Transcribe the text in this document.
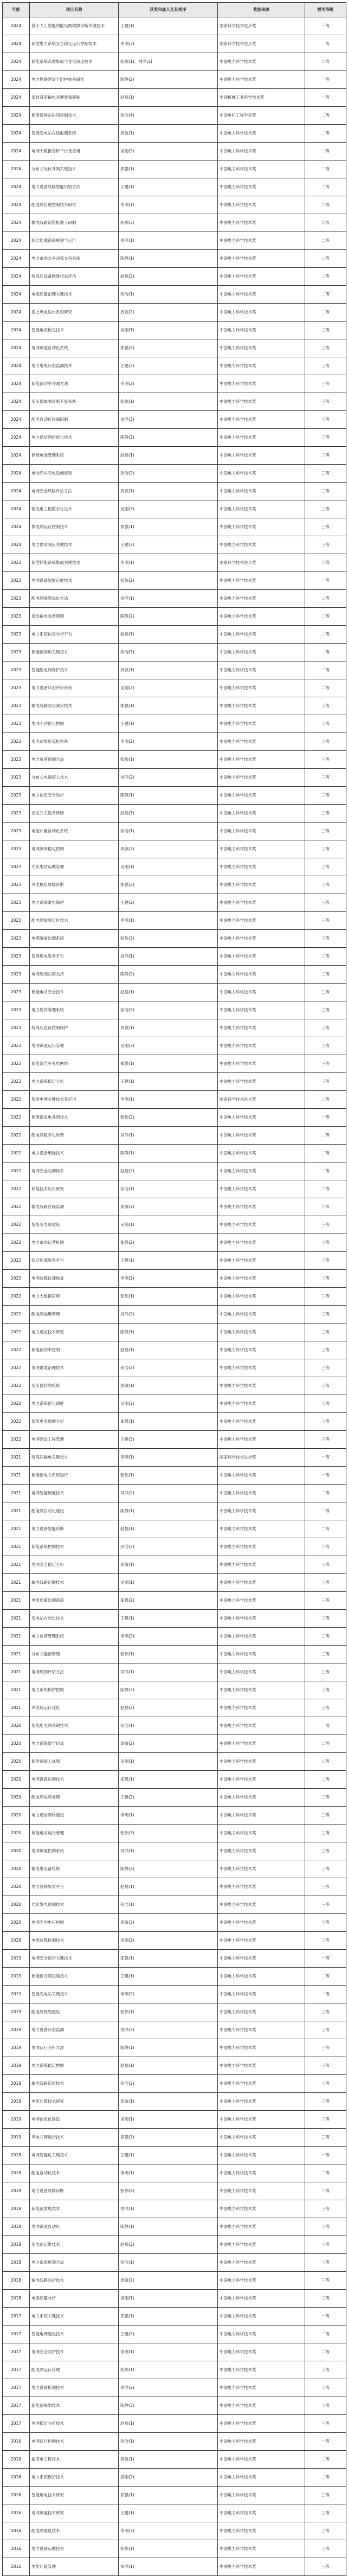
年度	项目名称	获奖完成人及其排序	奖励来源	授奖等级
2024	基于人工智能的配电网故障诊断关键技术	王建(1)	国家科学技术进步奖	一等
2024	新型电力系统安全稳定运行控制技术	李明(3)	国家科学技术进步奖	一等
2024	储能系统高效集成与优化调度技术	张伟(1)、刘洋(2)	中国电力科学技术奖	二等
2024	电力物联网安全防护体系研究	陈静(2)	中国电力科学技术奖	一等
2024	柔性直流输电关键装备研制	赵磊(1)	中国机械工业科学技术奖	一等
2024	新能源场站协同控制技术	孙浩(4)	中国电机工程学会奖	二等
2024	智能变电站在线监测系统	周敏(1)	中国电力科学技术奖	二等
2024	电网大数据分析平台及应用	吴刚(2)	中国电力科学技术奖	二等
2024	分布式光伏并网关键技术	郑强(1)	中国电力科学技术奖	二等
2024	电力设备故障智能识别方法	王建(1)	中国电力科学技术奖	二等
2024	配电网自愈控制技术研究	李明(1)	中国电力科学技术奖	二等
2024	输电线路巡检机器人研制	张伟(3)	中国电力科学技术奖	二等
2024	综合能源系统规划与运行	刘洋(1)	中国电力科学技术奖	二等
2024	电力市场交易决策支持系统	陈静(1)	中国电力科学技术奖	二等
2024	特高压设备绝缘状态评估	赵磊(2)	中国电力科学技术奖	二等
2024	电能质量治理关键技术	孙浩(1)	中国电力科学技术奖	二等
2024	海上风电送出系统研究	周敏(2)	中国电力科学技术奖	二等
2024	智能电表检定技术	吴刚(1)	中国电力科学技术奖	三等
2024	电网调度自动化系统	郑强(2)	中国电力科学技术奖	三等
2024	电力电缆状态监测技术	王建(2)	中国电力科学技术奖	三等
2024	新能源功率预测方法	李明(2)	中国电力科学技术奖	三等
2024	变压器故障诊断专家系统	张伟(1)	中国电力科学技术奖	三等
2024	配电自动化终端研制	刘洋(3)	中国电力科学技术奖	三等
2024	电力通信网络优化技术	陈静(3)	中国电力科学技术奖	三等
2024	储能电池管理系统	赵磊(1)	中国电力科学技术奖	三等
2024	电动汽车充电设施规划	孙浩(2)	中国电力科学技术奖	三等
2024	电网安全风险评估方法	周敏(1)	中国电力科学技术奖	三等
2024	输变电工程数字化设计	吴刚(3)	中国电力科学技术奖	三等
2024	微电网运行控制技术	郑强(1)	中国电力科学技术奖	三等
2024	电力需求响应关键技术	王建(3)	中国电力科学技术奖	三等
2023	新型储能系统集成关键技术	李明(1)	国家科学技术进步奖	二等
2023	电网设备智能运维技术	张伟(2)	中国电力科学技术奖	一等
2023	配电网规划优化方法	刘洋(1)	中国电力科学技术奖	二等
2023	柔性输电装备研制	陈静(2)	中国电力科学技术奖	二等
2023	电力系统仿真分析平台	赵磊(1)	中国电力科学技术奖	二等
2023	新能源消纳关键技术	孙浩(3)	中国电力科学技术奖	二等
2023	智能配电网保护技术	周敏(1)	中国电力科学技术奖	二等
2023	电力设备状态评价系统	吴刚(2)	中国电力科学技术奖	二等
2023	输电线路防灾减灾技术	郑强(1)	中国电力科学技术奖	三等
2023	电网无功优化控制	王建(1)	中国电力科学技术奖	三等
2023	变电站智能巡检系统	李明(2)	中国电力科学技术奖	三等
2023	电力负荷预测方法	张伟(1)	中国电力科学技术奖	三等
2023	分布式电源接入技术	刘洋(2)	中国电力科学技术奖	三等
2023	电力信息安全防护	陈静(1)	中国电力科学技术奖	三等
2023	高压开关设备研制	赵磊(3)	中国电力科学技术奖	三等
2023	电能计量自动化系统	孙浩(1)	中国电力科学技术奖	三等
2023	电网频率稳定控制	周敏(2)	中国电力科学技术奖	三等
2023	光伏电站运维管理	吴刚(1)	中国电力科学技术奖	三等
2023	风电机组故障诊断	郑强(3)	中国电力科学技术奖	三等
2023	电力系统继电保护	王建(2)	中国电力科学技术奖	三等
2023	配电网故障定位技术	李明(1)	中国电力科学技术奖	三等
2023	电缆隧道监测系统	张伟(3)	中国电力科学技术奖	三等
2023	智能用电服务平台	刘洋(1)	中国电力科学技术奖	三等
2023	电网规划决策支持	陈静(2)	中国电力科学技术奖	三等
2023	储能电站安全技术	赵磊(1)	中国电力科学技术奖	三等
2023	电力物资管理系统	孙浩(2)	中国电力科学技术奖	三等
2023	特高压直流控制保护	周敏(1)	中国电力科学技术奖	三等
2023	电网调度运行管理	吴刚(3)	中国电力科学技术奖	三等
2023	新能源汽车充电网络	郑强(1)	中国电力科学技术奖	三等
2023	电力系统稳定分析	王建(1)	中国电力科学技术奖	三等
2022	智能电网关键技术及应用	李明(1)	国家科学技术进步奖	二等
2022	新能源发电并网技术	张伟(2)	中国电力科学技术奖	一等
2022	配电网数字化转型	刘洋(1)	中国电力科学技术奖	二等
2022	电力设备绝缘技术	陈静(1)	中国电力科学技术奖	二等
2022	电网安全防御体系	赵磊(2)	中国电力科学技术奖	二等
2022	储能技术应用研究	孙浩(1)	中国电力科学技术奖	二等
2022	输电线路在线监测	周敏(3)	中国电力科学技术奖	二等
2022	智能变电站建设	吴刚(1)	中国电力科学技术奖	三等
2022	电力市场运营机制	郑强(2)	中国电力科学技术奖	三等
2022	综合能源服务平台	王建(1)	中国电力科学技术奖	三等
2022	电网故障快速恢复	李明(3)	中国电力科学技术奖	三等
2022	电力大数据应用	张伟(1)	中国电力科学技术奖	三等
2022	配电网运维管理	刘洋(2)	中国电力科学技术奖	三等
2022	电力通信技术研究	陈静(1)	中国电力科学技术奖	三等
2022	新能源功率控制	赵磊(1)	中国电力科学技术奖	三等
2022	电网谐波治理技术	孙浩(2)	中国电力科学技术奖	三等
2022	变压器状态检修	周敏(1)	中国电力科学技术奖	三等
2022	电力系统优化调度	吴刚(2)	中国电力科学技术奖	三等
2022	智能电表数据分析	郑强(1)	中国电力科学技术奖	三等
2022	电网建设工程管理	王建(3)	中国电力科学技术奖	三等
2021	特高压输电关键技术	李明(1)	国家科学技术进步奖	一等
2021	新能源电力系统运行	张伟(1)	中国电力科学技术奖	一等
2021	电网智能调度技术	刘洋(2)	中国电力科学技术奖	二等
2021	配电网自动化建设	陈静(1)	中国电力科学技术奖	二等
2021	电力设备智能诊断	赵磊(1)	中国电力科学技术奖	二等
2021	储能系统控制技术	孙浩(3)	中国电力科学技术奖	二等
2021	电网安全稳定分析	周敏(1)	中国电力科学技术奖	三等
2021	输电线路运维技术	吴刚(1)	中国电力科学技术奖	三等
2021	电能质量监测系统	郑强(2)	中国电力科学技术奖	三等
2021	变电站自动化技术	王建(1)	中国电力科学技术奖	三等
2021	电力负荷管理系统	李明(2)	中国电力科学技术奖	三等
2021	分布式能源管理	张伟(1)	中国电力科学技术奖	三等
2021	电网规划评估方法	刘洋(1)	中国电力科学技术奖	三等
2021	电力系统保护控制	陈静(3)	中国电力科学技术奖	三等
2021	风电场运行优化	赵磊(2)	中国电力科学技术奖	三等
2020	智能配电网关键技术	孙浩(1)	中国电力科学技术奖	一等
2020	电力系统数字仿真	周敏(2)	中国电力科学技术奖	二等
2020	新能源接入规划	吴刚(1)	中国电力科学技术奖	二等
2020	电网设备监测技术	郑强(1)	中国电力科学技术奖	二等
2020	配电网故障处理	王建(2)	中国电力科学技术奖	三等
2020	电力通信网络建设	李明(1)	中国电力科学技术奖	三等
2020	储能电站运行管理	张伟(3)	中国电力科学技术奖	三等
2020	电网调度控制系统	刘洋(1)	中国电力科学技术奖	三等
2020	输变电设备检修	陈静(2)	中国电力科学技术奖	三等
2020	电力营销服务平台	赵磊(1)	中国电力科学技术奖	三等
2020	光伏发电预测技术	孙浩(1)	中国电力科学技术奖	三等
2020	电网无功电压控制	周敏(3)	中国电力科学技术奖	三等
2020	电缆故障检测技术	吴刚(2)	中国电力科学技术奖	三等
2019	电网安全运行关键技术	郑强(1)	中国电力科学技术奖	一等
2019	新能源并网控制技术	王建(1)	中国电力科学技术奖	二等
2019	智能变电站关键技术	李明(2)	中国电力科学技术奖	二等
2019	配电网规划建设	张伟(1)	中国电力科学技术奖	三等
2019	电力设备状态监测	刘洋(3)	中国电力科学技术奖	三等
2019	电网运行分析方法	陈静(1)	中国电力科学技术奖	三等
2019	电力系统稳定控制	赵磊(1)	中国电力科学技术奖	三等
2019	输电线路巡检技术	孙浩(2)	中国电力科学技术奖	三等
2019	电能计量技术研究	周敏(1)	中国电力科学技术奖	三等
2019	电网信息化建设	吴刚(1)	中国电力科学技术奖	三等
2019	风电并网运行技术	郑强(3)	中国电力科学技术奖	三等
2018	电网智能化关键技术	王建(1)	中国电力科学技术奖	一等
2018	配电自动化技术	李明(1)	中国电力科学技术奖	二等
2018	电力设备故障诊断	张伟(2)	中国电力科学技术奖	二等
2018	新能源发电技术	刘洋(1)	中国电力科学技术奖	三等
2018	电网调度自动化	陈静(1)	中国电力科学技术奖	三等
2018	变电站运维技术	赵磊(3)	中国电力科学技术奖	三等
2018	电力系统规划方法	孙浩(1)	中国电力科学技术奖	三等
2018	输电线路防护技术	周敏(2)	中国电力科学技术奖	三等
2018	电能质量分析	吴刚(1)	中国电力科学技术奖	三等
2017	电力系统关键技术	郑强(1)	中国电力科学技术奖	一等
2017	智能电网建设技术	王建(2)	中国电力科学技术奖	二等
2017	电网安全防护技术	李明(1)	中国电力科学技术奖	二等
2017	配电网运行管理	张伟(1)	中国电力科学技术奖	三等
2017	电力设备检测技术	刘洋(2)	中国电力科学技术奖	三等
2017	新能源规划技术	陈静(3)	中国电力科学技术奖	三等
2017	电网稳定分析技术	赵磊(1)	中国电力科学技术奖	三等
2016	电网运行控制技术	孙浩(1)	中国电力科学技术奖	一等
2016	输变电工程技术	周敏(1)	中国电力科学技术奖	二等
2016	电力系统保护技术	吴刚(2)	中国电力科学技术奖	二等
2016	智能用电技术研究	郑强(1)	中国电力科学技术奖	三等
2016	电网调度技术研究	王建(1)	中国电力科学技术奖	三等
2016	配电网建设技术	李明(3)	中国电力科学技术奖	三等
2016	电力设备运维技术	张伟(1)	中国电力科学技术奖	三等
2016	电能计量管理	刘洋(1)	中国电力科学技术奖	三等
